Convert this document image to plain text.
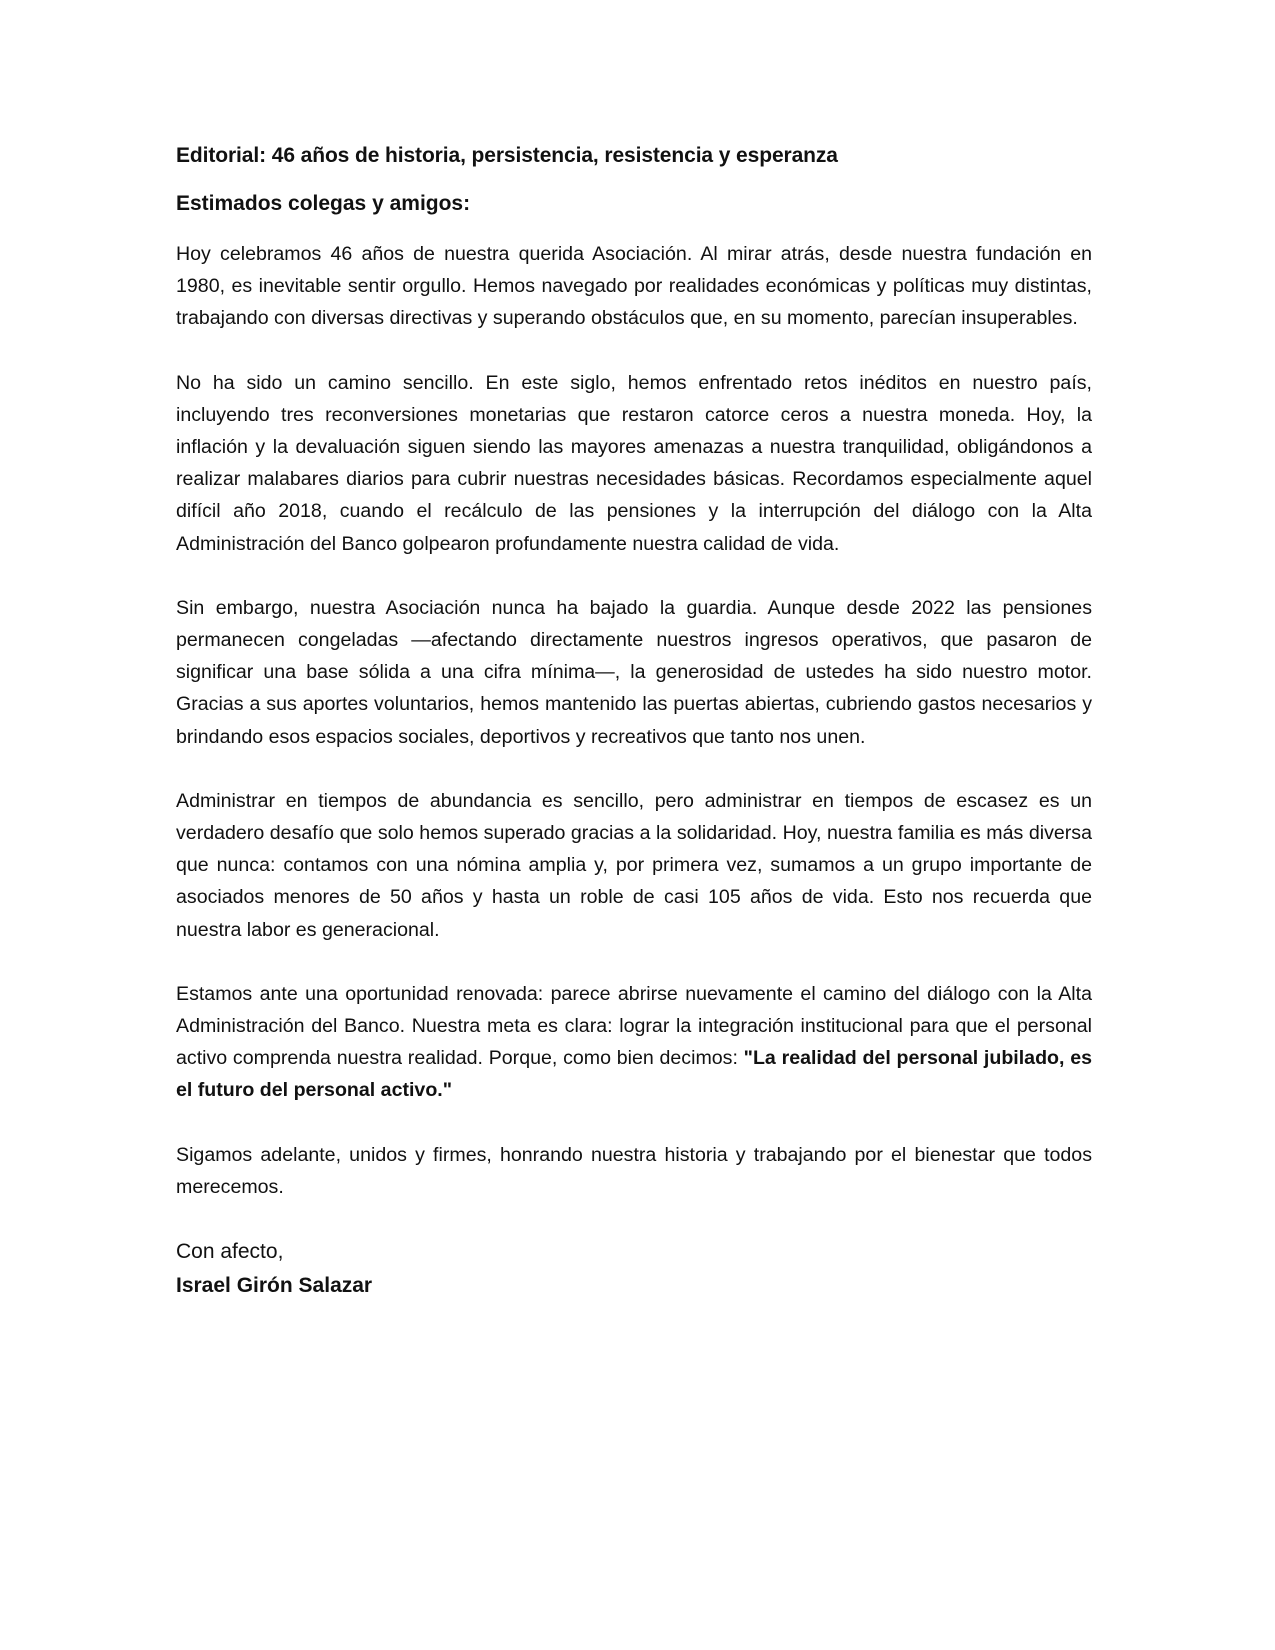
Editorial: 46 años de historia, persistencia, resistencia y esperanza
Estimados colegas y amigos:

Hoy celebramos 46 años de nuestra querida Asociación. Al mirar atrás, desde nuestra fundación en 1980, es inevitable sentir orgullo. Hemos navegado por realidades económicas y políticas muy distintas, trabajando con diversas directivas y superando obstáculos que, en su momento, parecían insuperables.

No ha sido un camino sencillo. En este siglo, hemos enfrentado retos inéditos en nuestro país, incluyendo tres reconversiones monetarias que restaron catorce ceros a nuestra moneda. Hoy, la inflación y la devaluación siguen siendo las mayores amenazas a nuestra tranquilidad, obligándonos a realizar malabares diarios para cubrir nuestras necesidades básicas. Recordamos especialmente aquel difícil año 2018, cuando el recálculo de las pensiones y la interrupción del diálogo con la Alta Administración del Banco golpearon profundamente nuestra calidad de vida.

Sin embargo, nuestra Asociación nunca ha bajado la guardia. Aunque desde 2022 las pensiones permanecen congeladas —afectando directamente nuestros ingresos operativos, que pasaron de significar una base sólida a una cifra mínima—, la generosidad de ustedes ha sido nuestro motor. Gracias a sus aportes voluntarios, hemos mantenido las puertas abiertas, cubriendo gastos necesarios y brindando esos espacios sociales, deportivos y recreativos que tanto nos unen.

Administrar en tiempos de abundancia es sencillo, pero administrar en tiempos de escasez es un verdadero desafío que solo hemos superado gracias a la solidaridad. Hoy, nuestra familia es más diversa que nunca: contamos con una nómina amplia y, por primera vez, sumamos a un grupo importante de asociados menores de 50 años y hasta un roble de casi 105 años de vida. Esto nos recuerda que nuestra labor es generacional.

Estamos ante una oportunidad renovada: parece abrirse nuevamente el camino del diálogo con la Alta Administración del Banco. Nuestra meta es clara: lograr la integración institucional para que el personal activo comprenda nuestra realidad. Porque, como bien decimos: "La realidad del personal jubilado, es el futuro del personal activo."

Sigamos adelante, unidos y firmes, honrando nuestra historia y trabajando por el bienestar que todos merecemos.

Con afecto,
Israel Girón Salazar
